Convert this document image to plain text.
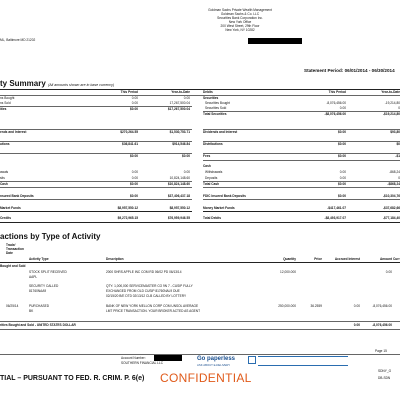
Goldman Sachs Private Wealth Management
Goldman Sachs & Co. LLC
Securities Bank Corporation Inc.
New York Office
200 West Street, 29th Floor
New York, NY 10282
ML, Baltimore MD 21202
Statement Period: 06/01/2014 - 06/30/2014
ty Summary (All amounts shown are in base currency)
This Period	Year-to-Date	Debits	This Period	Year-to-Date
ns Bought	0.00	0.00
ns Sold	0.00	17,267,500.04
ities	$0.00	$17,267,500.04
ends and Interest	$270,264.55	$1,530,753.71
utions	$36,841.61	$914,546.84
$0.00	$0.00
awals	0.00	0.00
sits	0.00	10,824,148.60
Cash	$0.00	$10,824,148.60
nsured Bank Deposits	$0.00	$37,406,437.18
Market Funds	$8,957,550.12	$8,957,550.12
Credits	$9,272,965.15	$76,959,946.55
Securities
Securities Bought	-8,076,456.00	-19,214,80
Securities Sold	0.00	0
Total Securities	-$8,076,456.00	-$19,214,80
Dividends and Interest	$0.00	$93,80
Distributions	$0.00	$0
Fees	$0.00	-$1
Cash
Withdrawals	0.00	-868,24
Deposits	0.00	0
Total Cash	$0.00	-$868,24
FDIC Insured Bank Deposits	$0.00	-$10,304,76
Money Market Funds	-$417,461.07	-$37,682,66
Total Debits	-$8,493,917.07	-$77,184,40
actions by Type of Activity
Trade/
Transaction
Date
Activity Type	Description	Quantity	Price	Accrued Interest	Amount Curr
Bought and Sold
STOCK SPLIT RECEIVED
AAPL
2000 SHRS APPLE INC COM RD 06/02 PD 06/13/14	12,000.000	0.00
SECURITY CALLED
81760NAA9
QTY: 1,000,000 SERVICEMASTER CO 9N 7 - CUSIP FULLY
EXCHANGED FROM OLD CUSIP 81760NAL9 DUE
02/15/20 B/E DTD 02/13/12 CLB CALLED BY LOTTERY
06/25/14	PURCHASED
BK
BANK OF NEW YORK MELLON CORP COM UNSOL AVERAGE
LMT PRICE TRANSACTION. YOUR BROKER ACTED AS AGENT
250,000.000	36.2559	0.00	-8,076,456.00
rities Bought and Sold - UNITED STATES DOLLAR	0.00	-8,076,456.00
Page 15
Account Number:
SOUTHERN FINANCIAL LLC
Go paperless
ASK ABOUT E-DELIVERY
SDNY_G
DB-SDN
TIAL – PURSUANT TO FED. R. CRIM. P. 6(e) CONFIDENTIAL
